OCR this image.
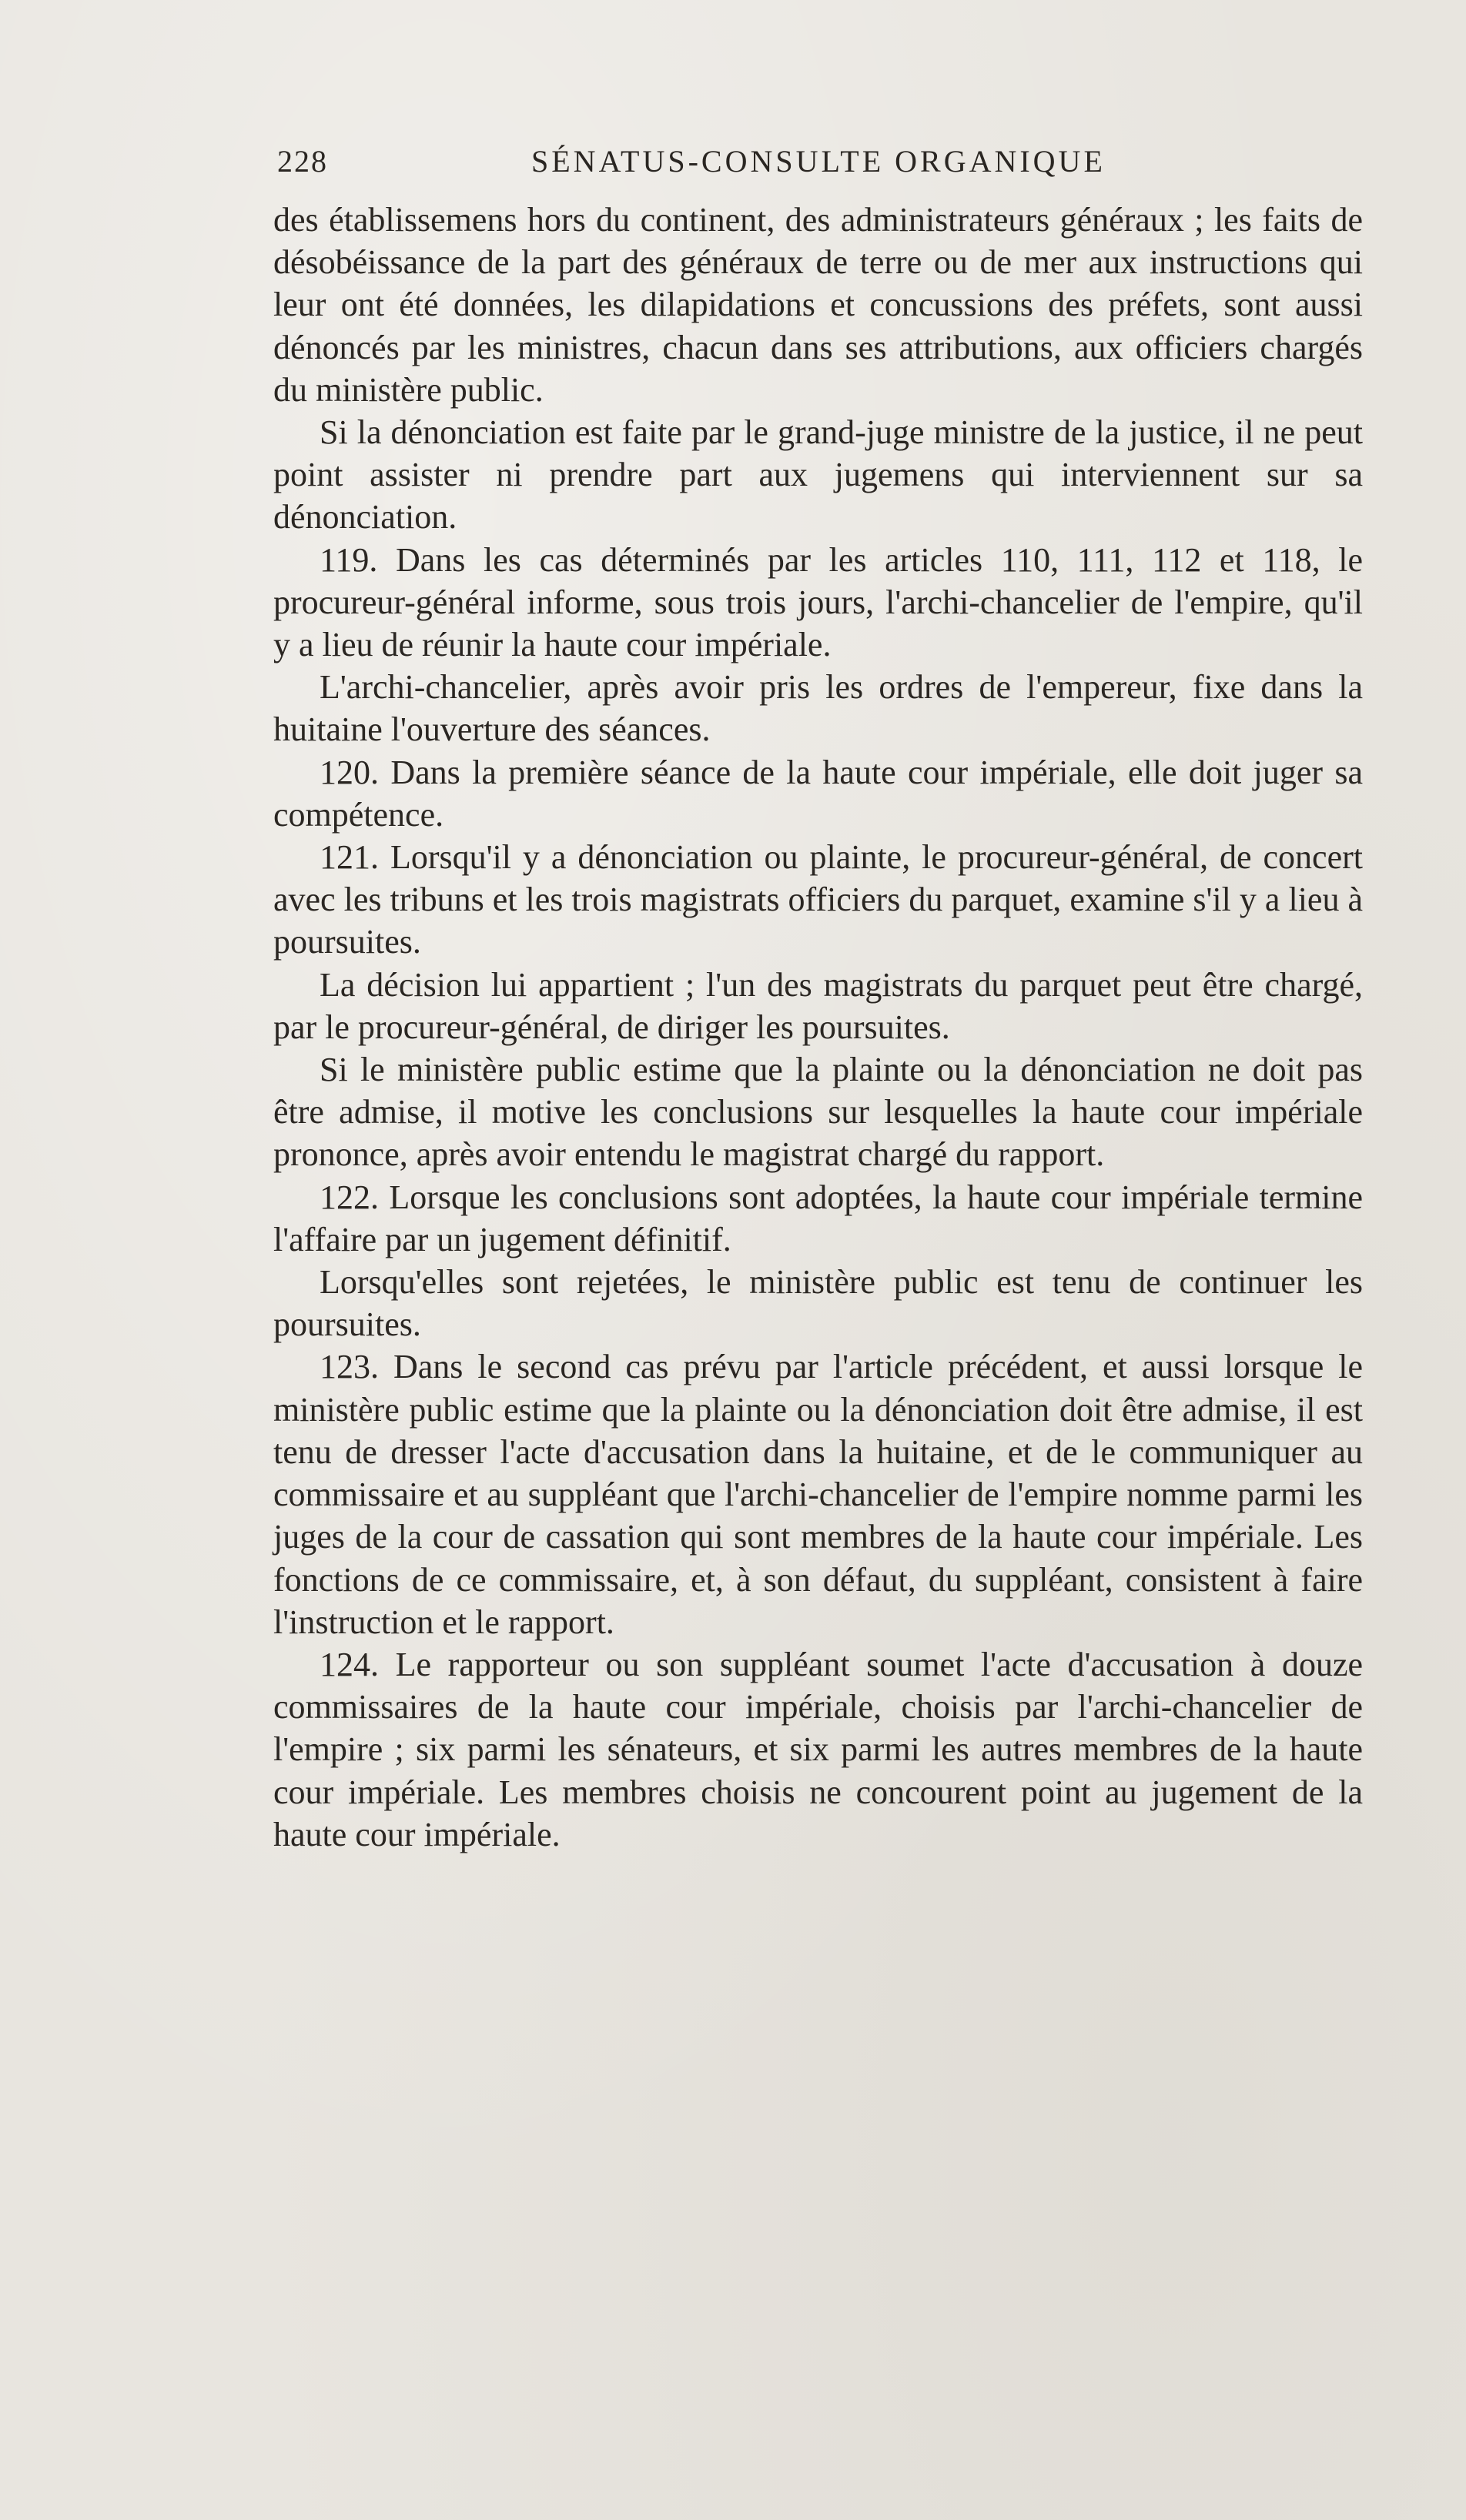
228	SÉNATUS-CONSULTE ORGANIQUE

des établissemens hors du continent, des administrateurs généraux ; les faits de désobéissance de la part des généraux de terre ou de mer aux instructions qui leur ont été données, les dilapidations et concussions des préfets, sont aussi dénoncés par les ministres, chacun dans ses attributions, aux officiers chargés du ministère public.

Si la dénonciation est faite par le grand-juge ministre de la justice, il ne peut point assister ni prendre part aux jugemens qui interviennent sur sa dénonciation.

119. Dans les cas déterminés par les articles 110, 111, 112 et 118, le procureur-général informe, sous trois jours, l'archi-chancelier de l'empire, qu'il y a lieu de réunir la haute cour impériale.

L'archi-chancelier, après avoir pris les ordres de l'empereur, fixe dans la huitaine l'ouverture des séances.

120. Dans la première séance de la haute cour impériale, elle doit juger sa compétence.

121. Lorsqu'il y a dénonciation ou plainte, le procureur-général, de concert avec les tribuns et les trois magistrats officiers du parquet, examine s'il y a lieu à poursuites.

La décision lui appartient ; l'un des magistrats du parquet peut être chargé, par le procureur-général, de diriger les poursuites.

Si le ministère public estime que la plainte ou la dénonciation ne doit pas être admise, il motive les conclusions sur lesquelles la haute cour impériale prononce, après avoir entendu le magistrat chargé du rapport.

122. Lorsque les conclusions sont adoptées, la haute cour impériale termine l'affaire par un jugement définitif.

Lorsqu'elles sont rejetées, le ministère public est tenu de continuer les poursuites.

123. Dans le second cas prévu par l'article précédent, et aussi lorsque le ministère public estime que la plainte ou la dénonciation doit être admise, il est tenu de dresser l'acte d'accusation dans la huitaine, et de le communiquer au commissaire et au suppléant que l'archi-chancelier de l'empire nomme parmi les juges de la cour de cassation qui sont membres de la haute cour impériale. Les fonctions de ce commissaire, et, à son défaut, du suppléant, consistent à faire l'instruction et le rapport.

124. Le rapporteur ou son suppléant soumet l'acte d'accusation à douze commissaires de la haute cour impériale, choisis par l'archi-chancelier de l'empire ; six parmi les sénateurs, et six parmi les autres membres de la haute cour impériale. Les membres choisis ne concourent point au jugement de la haute cour impériale.
